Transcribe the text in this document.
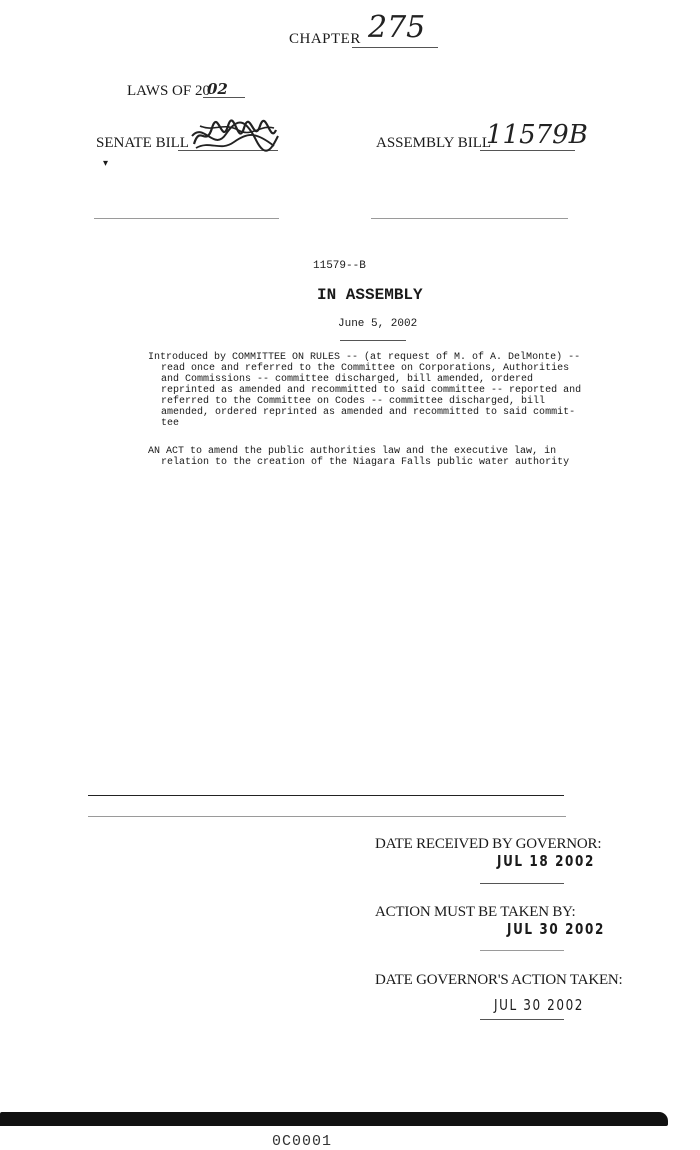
CHAPTER 275
LAWS OF 20
02
SENATE BILL
▾
ASSEMBLY BILL
11579B
11579--B
IN ASSEMBLY
June 5, 2002
Introduced by COMMITTEE ON RULES -- (at request of M. of A. DelMonte) --
read once and referred to the Committee on Corporations, Authorities
and Commissions -- committee discharged, bill amended, ordered
reprinted as amended and recommitted to said committee -- reported and
referred to the Committee on Codes -- committee discharged, bill
amended, ordered reprinted as amended and recommitted to said commit-
tee
AN ACT to amend the public authorities law and the executive law, in
relation to the creation of the Niagara Falls public water authority
DATE RECEIVED BY GOVERNOR:
JUL 18 2002
ACTION MUST BE TAKEN BY:
JUL 30 2002
DATE GOVERNOR'S ACTION TAKEN:
JUL 30 2002
0C0001
